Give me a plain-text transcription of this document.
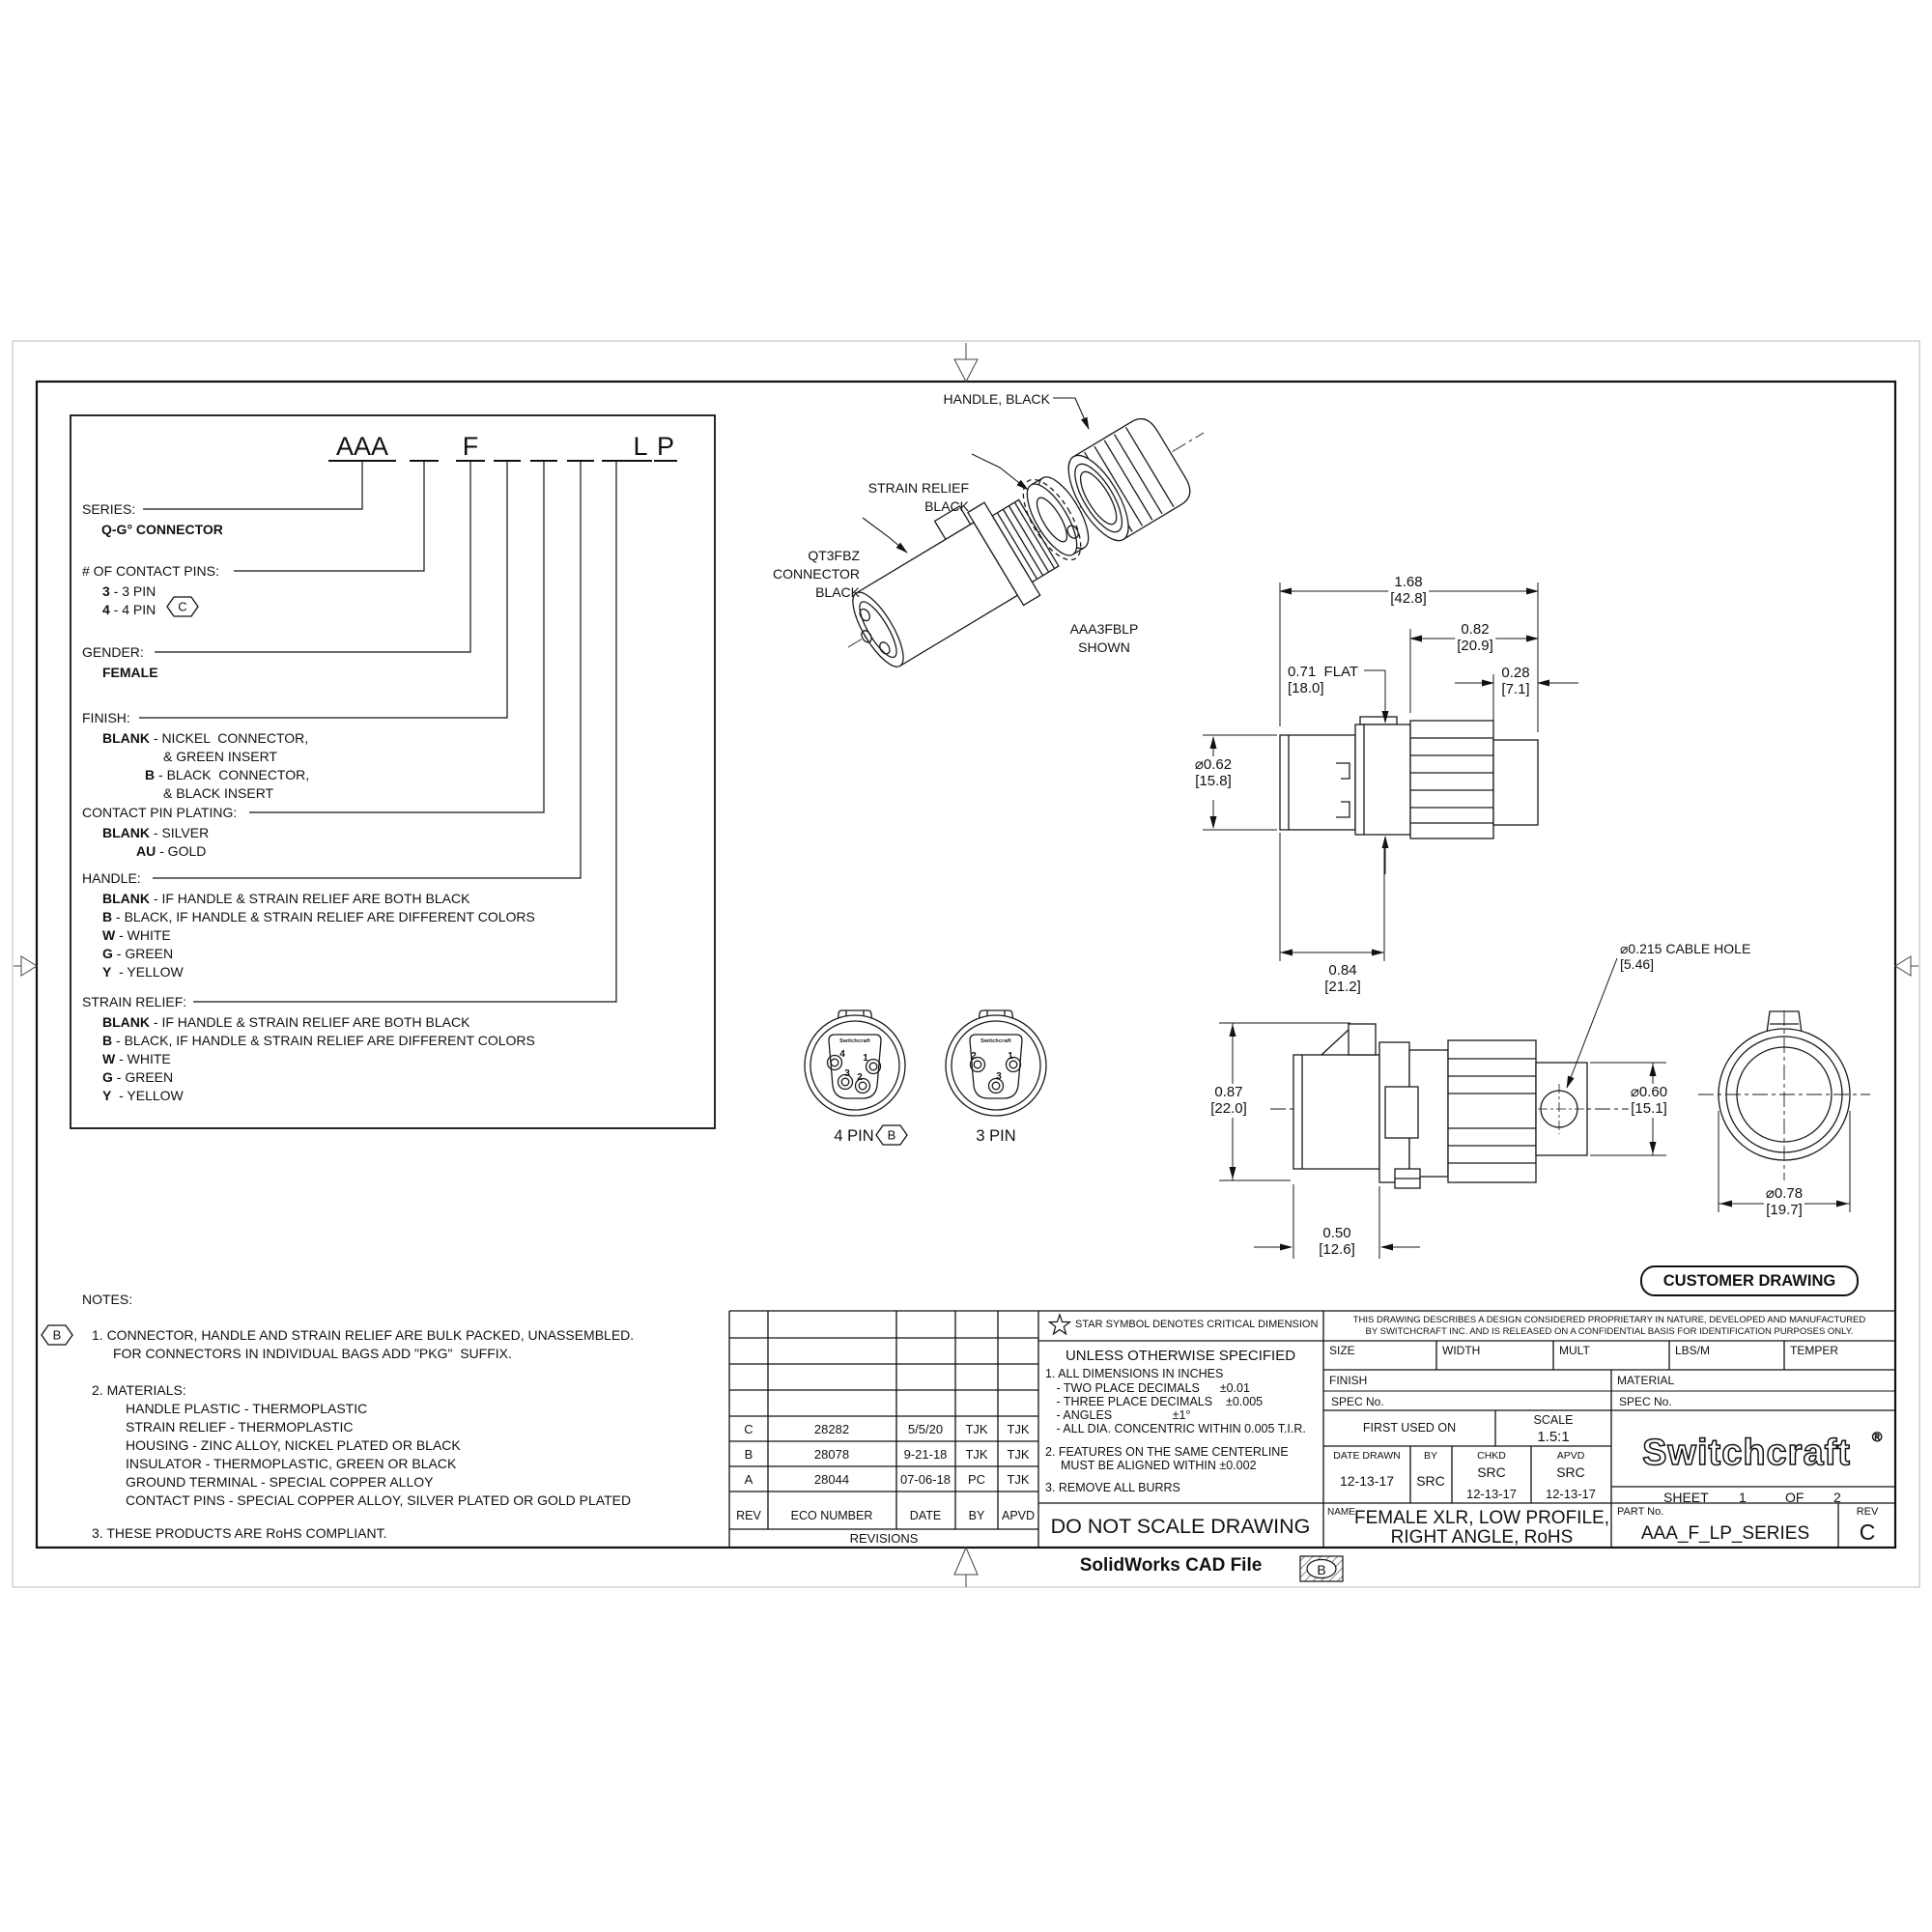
Switchcraft ®
AAA	F	L P
SERIES:
Q-G° CONNECTOR
# OF CONTACT PINS:
3 - 3 PIN
4 - 4 PIN C
GENDER:
FEMALE
FINISH:
BLANK - NICKEL  CONNECTOR,
& GREEN INSERT
B - BLACK  CONNECTOR,
& BLACK INSERT
CONTACT PIN PLATING:
BLANK - SILVER
AU - GOLD
HANDLE:
BLANK - IF HANDLE & STRAIN RELIEF ARE BOTH BLACK
B - BLACK, IF HANDLE & STRAIN RELIEF ARE DIFFERENT COLORS
W - WHITE
G - GREEN
Y  - YELLOW
STRAIN RELIEF:
BLANK - IF HANDLE & STRAIN RELIEF ARE BOTH BLACK
B - BLACK, IF HANDLE & STRAIN RELIEF ARE DIFFERENT COLORS
W - WHITE
G - GREEN
Y  - YELLOW
HANDLE, BLACK

STRAIN RELIEF
BLACK

QT3FBZ
CONNECTOR
BLACK

AAA3FBLP
SHOWN

1.68
[42.8]
0.82
[20.9]
0.28
[7.1]
0.71  FLAT
[18.0]
⌀0.62
[15.8]
0.84
[21.2]
⌀0.215 CABLE HOLE
[5.46]
0.87
[22.0]
⌀0.60
[15.1]
0.50
[12.6]
⌀0.78
[19.7]
Switchcraft	Switchcraft
4 1
3 2
2	1
3
4 PIN B	3 PIN
CUSTOMER DRAWING
NOTES:
B 1. CONNECTOR, HANDLE AND STRAIN RELIEF ARE BULK PACKED, UNASSEMBLED.
FOR CONNECTORS IN INDIVIDUAL BAGS ADD "PKG"  SUFFIX.
2. MATERIALS:
HANDLE PLASTIC - THERMOPLASTIC
STRAIN RELIEF - THERMOPLASTIC
HOUSING - ZINC ALLOY, NICKEL PLATED OR BLACK
INSULATOR - THERMOPLASTIC, GREEN OR BLACK
GROUND TERMINAL - SPECIAL COPPER ALLOY
CONTACT PINS - SPECIAL COPPER ALLOY, SILVER PLATED OR GOLD PLATED
3. THESE PRODUCTS ARE RoHS COMPLIANT.
C	28282	5/5/20 TJK TJK
B	28078	9-21-18 TJK TJK
A	28044	07-06-18 PC TJK
REV ECO NUMBER	DATE BY APVD
REVISIONS
STAR SYMBOL DENOTES CRITICAL DIMENSION
UNLESS OTHERWISE SPECIFIED
1. ALL DIMENSIONS IN INCHES
- TWO PLACE DECIMALS      ±0.01
- THREE PLACE DECIMALS    ±0.005
- ANGLES                  ±1°
- ALL DIA. CONCENTRIC WITHIN 0.005 T.I.R.
2. FEATURES ON THE SAME CENTERLINE
MUST BE ALIGNED WITHIN ±0.002
3. REMOVE ALL BURRS
DO NOT SCALE DRAWING
THIS DRAWING DESCRIBES A DESIGN CONSIDERED PROPRIETARY IN NATURE, DEVELOPED AND MANUFACTURED
BY SWITCHCRAFT INC. AND IS RELEASED ON A CONFIDENTIAL BASIS FOR IDENTIFICATION PURPOSES ONLY.
SIZE	WIDTH	MULT	LBS/M	TEMPER
FINISH
SPEC No.
MATERIAL
SPEC No.
FIRST USED ON
SCALE
1.5:1
DATE DRAWN
12-13-17
BY
SRC
CHKD
SRC
12-13-17
APVD
SRC
12-13-17	SHEET 1	OF 2
NAME FEMALE XLR, LOW PROFILE,
RIGHT ANGLE, RoHS
PART No.
AAA_F_LP_SERIES
REV
C
SolidWorks CAD File	B
